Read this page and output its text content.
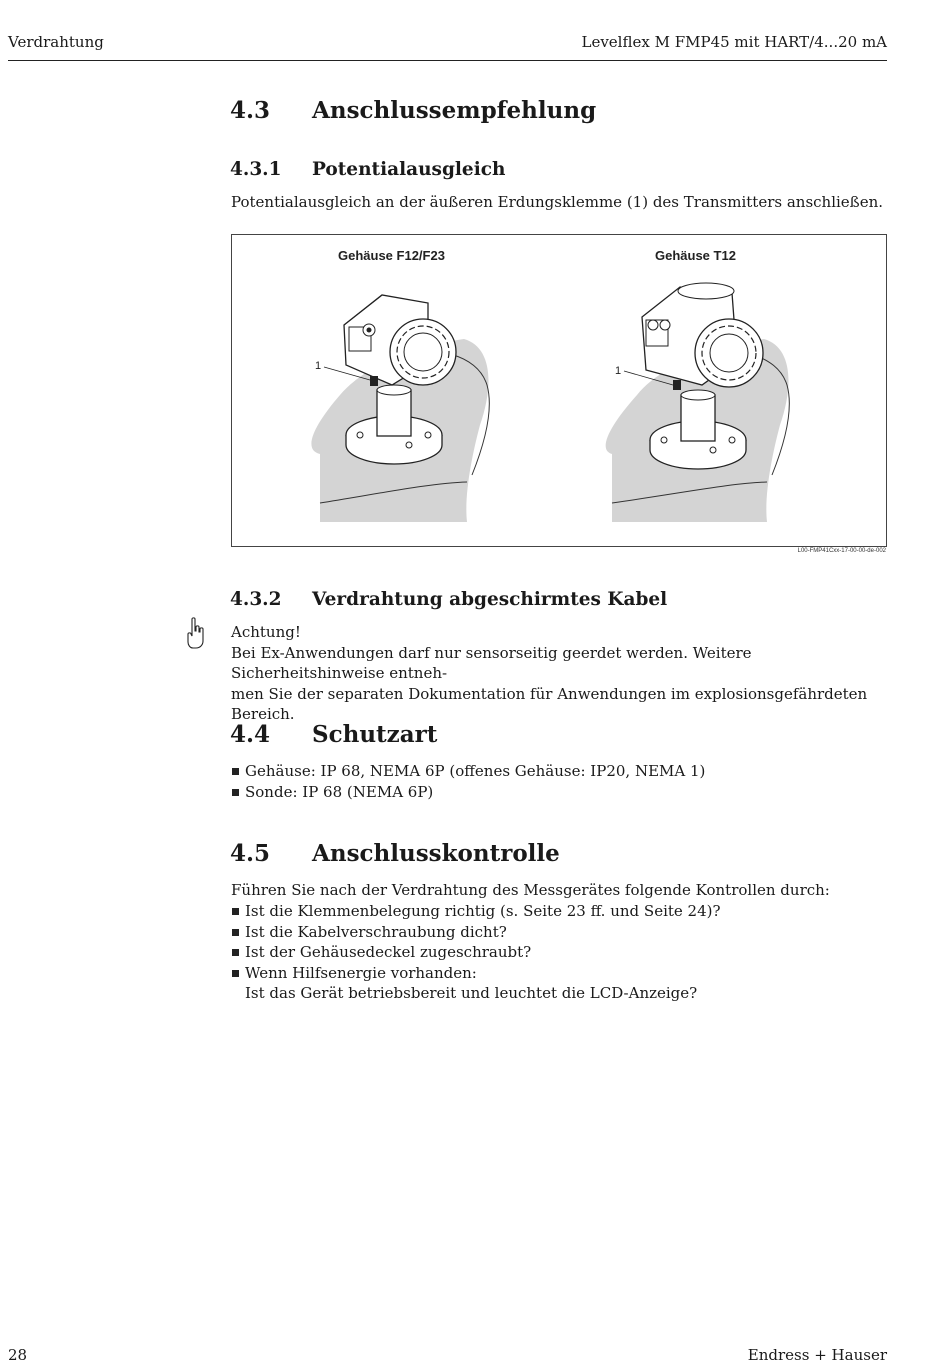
Verdrahtung	Levelflex M FMP45 mit HART/4...20 mA
4.3 Anschlussempfehlung
4.3.1 Potentialausgleich
Potentialausgleich an der äußeren Erdungsklemme (1) des Transmitters anschließen.
Gehäuse F12/F23	Gehäuse T12
1	1
L00-FMP41Cxx-17-00-00-de-002
4.3.2 Verdrahtung abgeschirmtes Kabel
Achtung!
Bei Ex-Anwendungen darf nur sensorseitig geerdet werden. Weitere Sicherheitshinweise entneh-
men Sie der separaten Dokumentation für Anwendungen im explosionsgefährdeten Bereich.
4.4 Schutzart
Gehäuse: IP 68, NEMA 6P (offenes Gehäuse: IP20, NEMA 1)
Sonde: IP 68 (NEMA 6P)
4.5 Anschlusskontrolle
Führen Sie nach der Verdrahtung des Messgerätes folgende Kontrollen durch:
Ist die Klemmenbelegung richtig (s. Seite 23 ff. und Seite 24)?
Ist die Kabelverschraubung dicht?
Ist der Gehäusedeckel zugeschraubt?
Wenn Hilfsenergie vorhanden:
Ist das Gerät betriebsbereit und leuchtet die LCD-Anzeige?
28	Endress + Hauser
